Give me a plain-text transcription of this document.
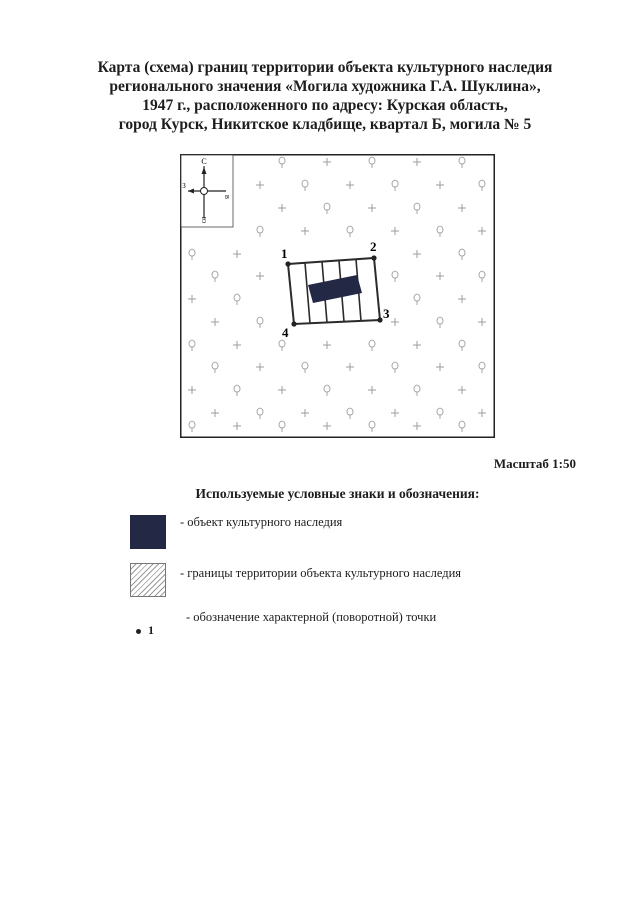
Карта (схема) границ территории объекта культурного наследия
регионального значения «Могила художника Г.А. Шуклина»,
1947 г., расположенного по адресу: Курская область,
город Курск, Никитское кладбище, квартал Б, могила № 5
С
З
В
Ю
1	2
3
4
Масштаб 1:50
Используемые условные знаки и обозначения:
- объект культурного наследия
- границы территории объекта культурного наследия
1
- обозначение характерной (поворотной) точки
